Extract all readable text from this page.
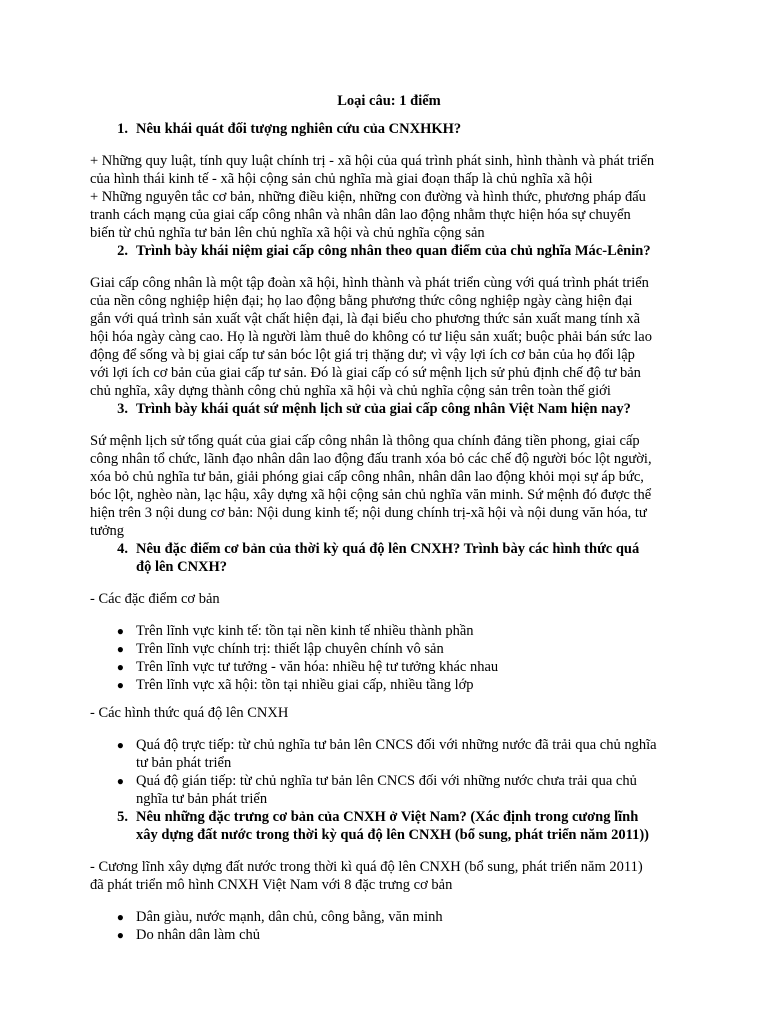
Loại câu: 1 điểm
1. Nêu khái quát đối tượng nghiên cứu của CNXHKH?
+ Những quy luật, tính quy luật chính trị - xã hội của quá trình phát sinh, hình thành và phát triển
của hình thái kinh tế - xã hội cộng sản chủ nghĩa mà giai đoạn thấp là chủ nghĩa xã hội
+ Những nguyên tắc cơ bản, những điều kiện, những con đường và hình thức, phương pháp đấu
tranh cách mạng của giai cấp công nhân và nhân dân lao động nhằm thực hiện hóa sự chuyển
biến từ chủ nghĩa tư bản lên chủ nghĩa xã hội và chủ nghĩa cộng sản
2. Trình bày khái niệm giai cấp công nhân theo quan điểm của chủ nghĩa Mác-Lênin?
Giai cấp công nhân là một tập đoàn xã hội, hình thành và phát triển cùng với quá trình phát triển
của nền công nghiệp hiện đại; họ lao động bằng phương thức công nghiệp ngày càng hiện đại
gắn với quá trình sản xuất vật chất hiện đại, là đại biểu cho phương thức sản xuất mang tính xã
hội hóa ngày càng cao. Họ là người làm thuê do không có tư liệu sản xuất; buộc phải bán sức lao
động để sống và bị giai cấp tư sản bóc lột giá trị thặng dư; vì vậy lợi ích cơ bản của họ đối lập
với lợi ích cơ bản của giai cấp tư sản. Đó là giai cấp có sứ mệnh lịch sử phủ định chế độ tư bản
chủ nghĩa, xây dựng thành công chủ nghĩa xã hội và chủ nghĩa cộng sản trên toàn thế giới
3. Trình bày khái quát sứ mệnh lịch sử của giai cấp công nhân Việt Nam hiện nay?
Sứ mệnh lịch sử tổng quát của giai cấp công nhân là thông qua chính đảng tiền phong, giai cấp
công nhân tổ chức, lãnh đạo nhân dân lao động đấu tranh xóa bỏ các chế độ người bóc lột người,
xóa bỏ chủ nghĩa tư bản, giải phóng giai cấp công nhân, nhân dân lao động khỏi mọi sự áp bức,
bóc lột, nghèo nàn, lạc hậu, xây dựng xã hội cộng sản chủ nghĩa văn minh. Sứ mệnh đó được thể
hiện trên 3 nội dung cơ bản: Nội dung kinh tế; nội dung chính trị-xã hội và nội dung văn hóa, tư
tưởng
4. Nêu đặc điểm cơ bản của thời kỳ quá độ lên CNXH? Trình bày các hình thức quá
độ lên CNXH?
- Các đặc điểm cơ bản
● Trên lĩnh vực kinh tế: tồn tại nền kinh tế nhiều thành phần
● Trên lĩnh vực chính trị: thiết lập chuyên chính vô sản
● Trên lĩnh vực tư tưởng - văn hóa: nhiều hệ tư tưởng khác nhau
● Trên lĩnh vực xã hội: tồn tại nhiều giai cấp, nhiều tầng lớp
- Các hình thức quá độ lên CNXH
● Quá độ trực tiếp: từ chủ nghĩa tư bản lên CNCS đối với những nước đã trải qua chủ nghĩa
tư bản phát triển
● Quá độ gián tiếp: từ chủ nghĩa tư bản lên CNCS đối với những nước chưa trải qua chủ
nghĩa tư bản phát triển
5. Nêu những đặc trưng cơ bản của CNXH ở Việt Nam? (Xác định trong cương lĩnh
xây dựng đất nước trong thời kỳ quá độ lên CNXH (bổ sung, phát triển năm 2011))
- Cương lĩnh xây dựng đất nước trong thời kì quá độ lên CNXH (bổ sung, phát triển năm 2011)
đã phát triển mô hình CNXH Việt Nam với 8 đặc trưng cơ bản
● Dân giàu, nước mạnh, dân chủ, công bằng, văn minh
● Do nhân dân làm chủ
